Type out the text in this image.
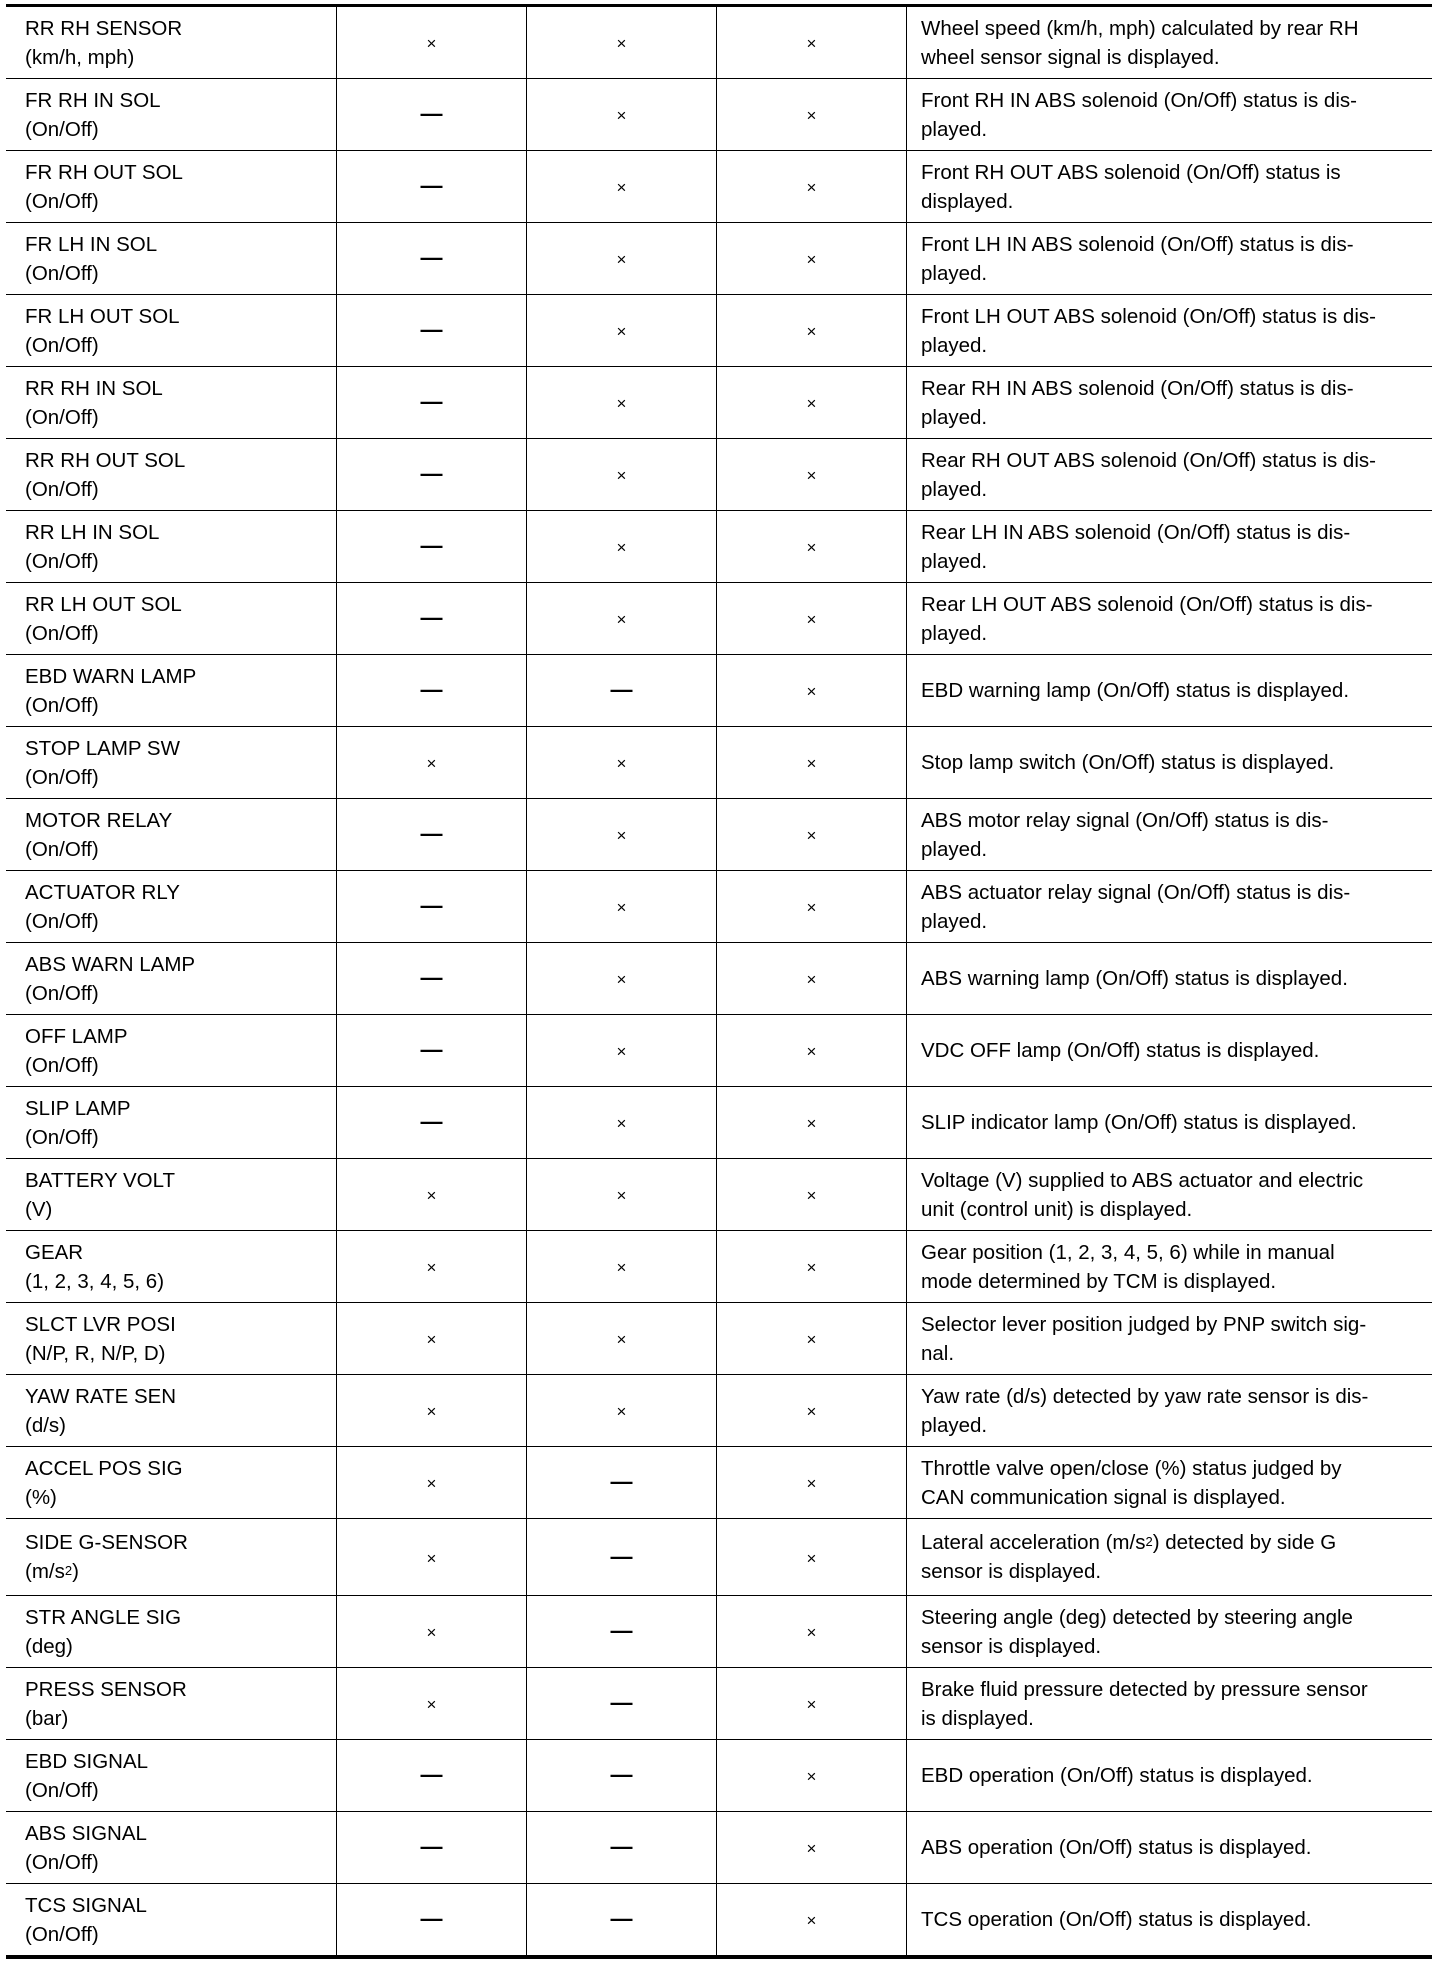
RR RH SENSOR
(km/h, mph)	×	×	×	Wheel speed (km/h, mph) calculated by rear RH
wheel sensor signal is displayed.

FR RH IN SOL
(On/Off)	—	×	×	Front RH IN ABS solenoid (On/Off) status is dis-
played.

FR RH OUT SOL
(On/Off)	—	×	×	Front RH OUT ABS solenoid (On/Off) status is
displayed.

FR LH IN SOL
(On/Off)	—	×	×	Front LH IN ABS solenoid (On/Off) status is dis-
played.

FR LH OUT SOL
(On/Off)	—	×	×	Front LH OUT ABS solenoid (On/Off) status is dis-
played.

RR RH IN SOL
(On/Off)	—	×	×	Rear RH IN ABS solenoid (On/Off) status is dis-
played.

RR RH OUT SOL
(On/Off)	—	×	×	Rear RH OUT ABS solenoid (On/Off) status is dis-
played.

RR LH IN SOL
(On/Off)	—	×	×	Rear LH IN ABS solenoid (On/Off) status is dis-
played.

RR LH OUT SOL
(On/Off)	—	×	×	Rear LH OUT ABS solenoid (On/Off) status is dis-
played.

EBD WARN LAMP
(On/Off)	—	—	×	EBD warning lamp (On/Off) status is displayed.

STOP LAMP SW
(On/Off)	×	×	×	Stop lamp switch (On/Off) status is displayed.

MOTOR RELAY
(On/Off)	—	×	×	ABS motor relay signal (On/Off) status is dis-
played.

ACTUATOR RLY
(On/Off)	—	×	×	ABS actuator relay signal (On/Off) status is dis-
played.

ABS WARN LAMP
(On/Off)	—	×	×	ABS warning lamp (On/Off) status is displayed.

OFF LAMP
(On/Off)	—	×	×	VDC OFF lamp (On/Off) status is displayed.

SLIP LAMP
(On/Off)	—	×	×	SLIP indicator lamp (On/Off) status is displayed.

BATTERY VOLT
(V)	×	×	×	Voltage (V) supplied to ABS actuator and electric
unit (control unit) is displayed.

GEAR
(1, 2, 3, 4, 5, 6)	×	×	×	Gear position (1, 2, 3, 4, 5, 6) while in manual
mode determined by TCM is displayed.

SLCT LVR POSI
(N/P, R, N/P, D)	×	×	×	Selector lever position judged by PNP switch sig-
nal.

YAW RATE SEN
(d/s)	×	×	×	Yaw rate (d/s) detected by yaw rate sensor is dis-
played.

ACCEL POS SIG
(%)	×	—	×	Throttle valve open/close (%) status judged by
CAN communication signal is displayed.

SIDE G-SENSOR
$(m/s^2)$	×	—	×	Lateral acceleration $(m/s^2)$ detected by side G
sensor is displayed.

STR ANGLE SIG
(deg)	×	—	×	Steering angle (deg) detected by steering angle
sensor is displayed.

PRESS SENSOR
(bar)	×	—	×	Brake fluid pressure detected by pressure sensor
is displayed.

EBD SIGNAL
(On/Off)	—	—	×	EBD operation (On/Off) status is displayed.

ABS SIGNAL
(On/Off)	—	—	×	ABS operation (On/Off) status is displayed.

TCS SIGNAL
(On/Off)	—	—	×	TCS operation (On/Off) status is displayed.
